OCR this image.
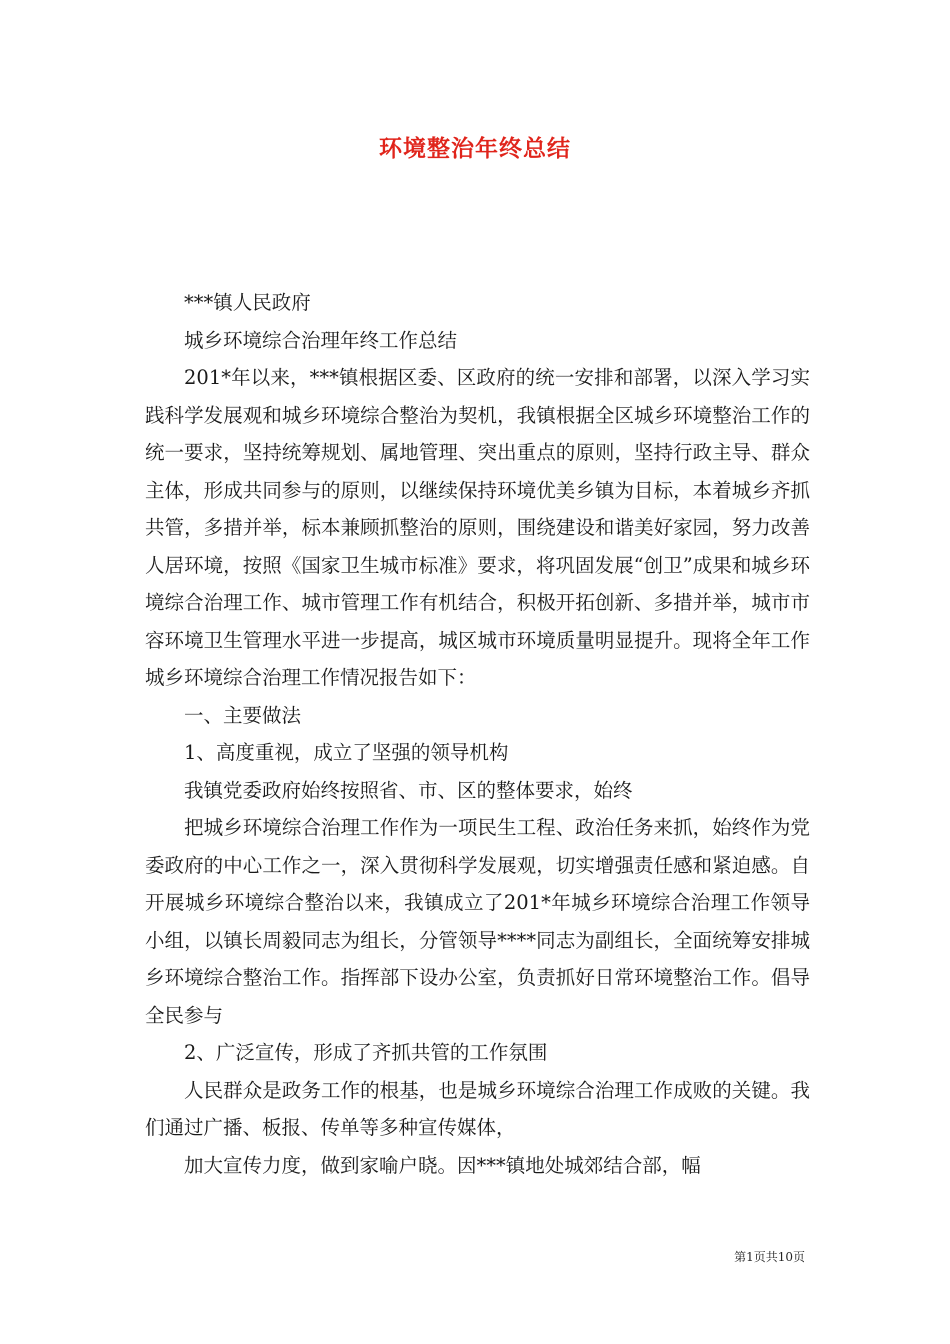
环境整治年终总结

***镇人民政府

城乡环境综合治理年终工作总结

201*年以来，***镇根据区委、区政府的统一安排和部署，以深入学习实践科学发展观和城乡环境综合整治为契机，我镇根据全区城乡环境整治工作的统一要求，坚持统筹规划、属地管理、突出重点的原则，坚持行政主导、群众主体，形成共同参与的原则，以继续保持环境优美乡镇为目标，本着城乡齐抓共管，多措并举，标本兼顾抓整治的原则，围绕建设和谐美好家园，努力改善人居环境，按照《国家卫生城市标准》要求，将巩固发展“创卫”成果和城乡环境综合治理工作、城市管理工作有机结合，积极开拓创新、多措并举，城市市容环境卫生管理水平进一步提高，城区城市环境质量明显提升。现将全年工作城乡环境综合治理工作情况报告如下：

一、主要做法

1、高度重视，成立了坚强的领导机构

我镇党委政府始终按照省、市、区的整体要求，始终

把城乡环境综合治理工作作为一项民生工程、政治任务来抓，始终作为党委政府的中心工作之一，深入贯彻科学发展观，切实增强责任感和紧迫感。自开展城乡环境综合整治以来，我镇成立了201*年城乡环境综合治理工作领导小组，以镇长周毅同志为组长，分管领导****同志为副组长，全面统筹安排城乡环境综合整治工作。指挥部下设办公室，负责抓好日常环境整治工作。倡导全民参与

2、广泛宣传，形成了齐抓共管的工作氛围

人民群众是政务工作的根基，也是城乡环境综合治理工作成败的关键。我们通过广播、板报、传单等多种宣传媒体，

加大宣传力度，做到家喻户晓。因***镇地处城郊结合部，幅

第1页共10页
